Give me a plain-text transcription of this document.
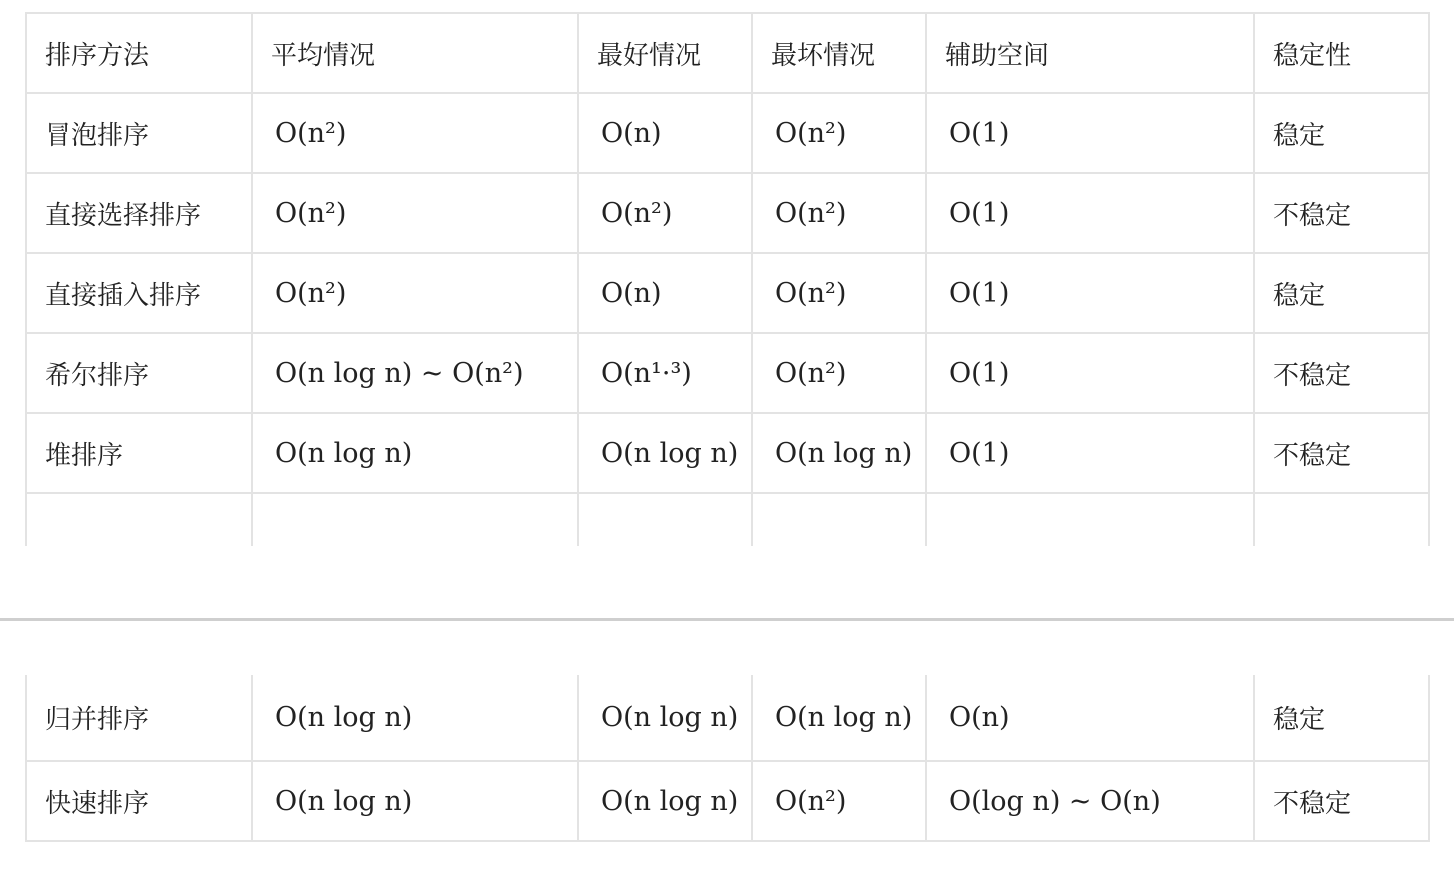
排序方法	平均情况	最好情况	最坏情况	辅助空间	稳定性
冒泡排序	O(n²)	O(n)	O(n²)	O(1)	稳定
直接选择排序	O(n²)	O(n²)	O(n²)	O(1)	不稳定
直接插入排序	O(n²)	O(n)	O(n²)	O(1)	稳定
希尔排序	O(n log n) ~ O(n²)	O(n¹·³)	O(n²)	O(1)	不稳定
堆排序	O(n log n)	O(n log n)	O(n log n)	O(1)	不稳定

归并排序	O(n log n)	O(n log n)	O(n log n)	O(n)	稳定
快速排序	O(n log n)	O(n log n)	O(n²)	O(log n) ~ O(n)	不稳定
